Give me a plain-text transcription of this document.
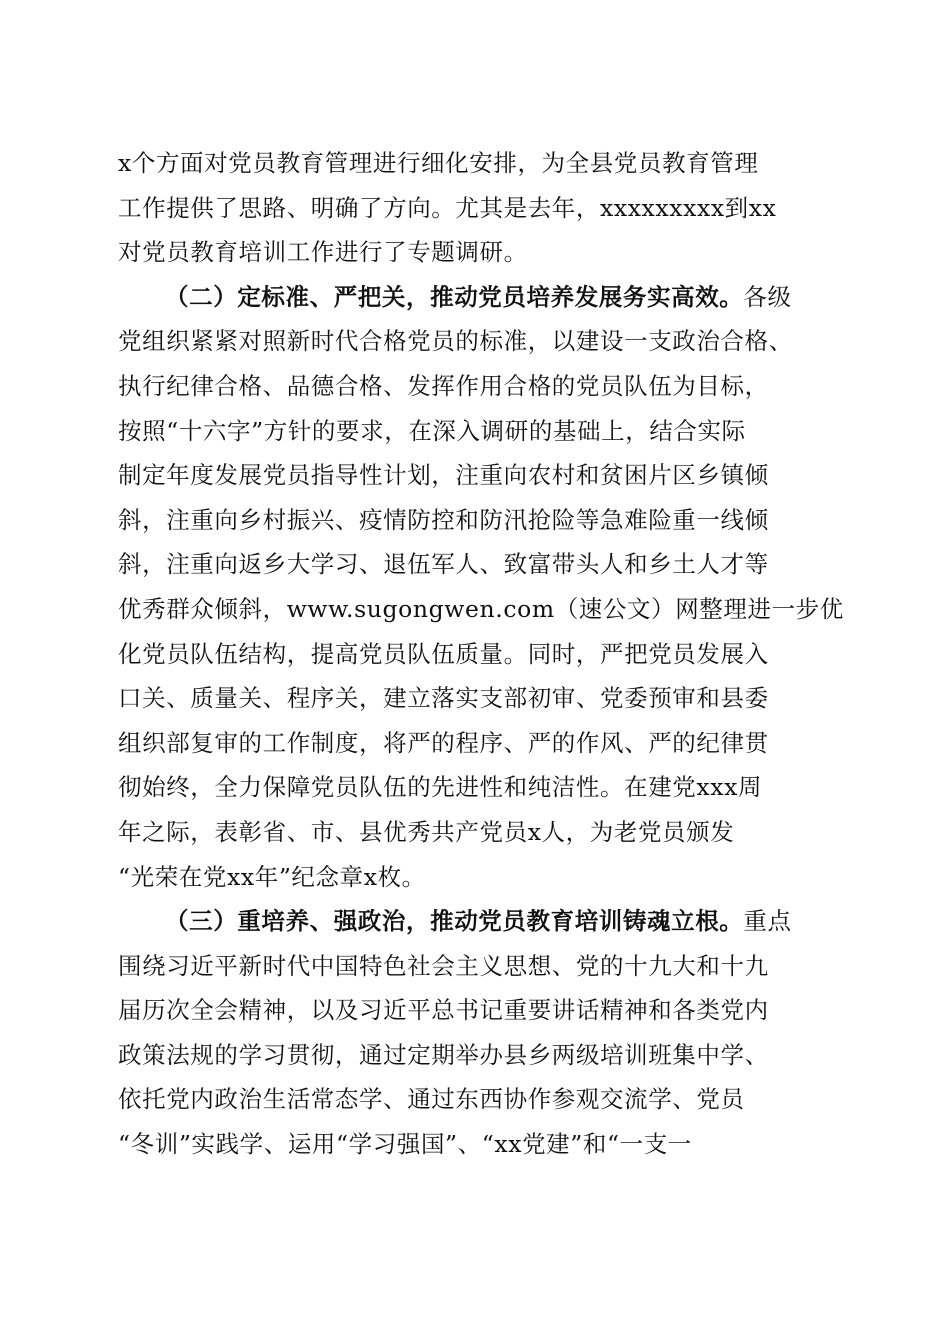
x个方面对党员教育管理进行细化安排，为全县党员教育管理
工作提供了思路、明确了方向。尤其是去年，xxxxxxxxx到xx
对党员教育培训工作进行了专题调研。
（二）定标准、严把关，推动党员培养发展务实高效。各级
党组织紧紧对照新时代合格党员的标准，以建设一支政治合格、
执行纪律合格、品德合格、发挥作用合格的党员队伍为目标，
按照“十六字”方针的要求，在深入调研的基础上，结合实际
制定年度发展党员指导性计划，注重向农村和贫困片区乡镇倾
斜，注重向乡村振兴、疫情防控和防汛抢险等急难险重一线倾
斜，注重向返乡大学习、退伍军人、致富带头人和乡土人才等
优秀群众倾斜，www.sugongwen.com（速公文）网整理进一步优
化党员队伍结构，提高党员队伍质量。同时，严把党员发展入
口关、质量关、程序关，建立落实支部初审、党委预审和县委
组织部复审的工作制度，将严的程序、严的作风、严的纪律贯
彻始终，全力保障党员队伍的先进性和纯洁性。在建党xxx周
年之际，表彰省、市、县优秀共产党员x人，为老党员颁发
“光荣在党xx年”纪念章x枚。
（三）重培养、强政治，推动党员教育培训铸魂立根。重点
围绕习近平新时代中国特色社会主义思想、党的十九大和十九
届历次全会精神，以及习近平总书记重要讲话精神和各类党内
政策法规的学习贯彻，通过定期举办县乡两级培训班集中学、
依托党内政治生活常态学、通过东西协作参观交流学、党员
“冬训”实践学、运用“学习强国”、“xx党建”和“一支一
